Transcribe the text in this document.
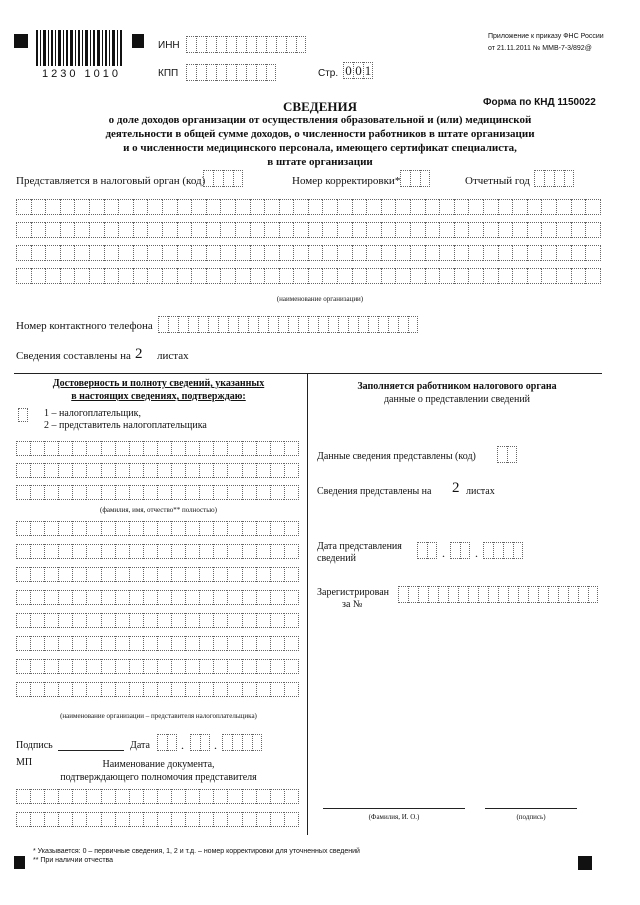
1230 1010
ИНН
КПП	Стр. 0 0 1
Приложение к приказу ФНС России
от 21.11.2011 № ММВ-7-3/892@
Форма по КНД 1150022
СВЕДЕНИЯ
о доле доходов организации от осуществления образовательной и (или) медицинской
деятельности в общей сумме доходов, о численности работников в штате организации
и о численности медицинского персонала, имеющего сертификат специалиста,
в штате организации
Представляется в налоговый орган (код)	Номер корректировки*	Отчетный год
(наименование организации)
Номер контактного телефона
Сведения составлены на 2 листах
Достоверность и полноту сведений, указанных
в настоящих сведениях, подтверждаю:
1 – налогоплательщик,
2 – представитель налогоплательщика
(фамилия, имя, отчество** полностью)
(наименование организации – представителя налогоплательщика)
Подпись	Дата	.	.
МП	Наименование документа,
подтверждающего полномочия представителя
Заполняется работником налогового органа
данные о представлении сведений
Данные сведения представлены (код)
Сведения представлены на 2 листах
Дата представления
сведений	.	.
Зарегистрирован
за №
(Фамилия, И. О.)	(подпись)
* Указывается: 0 – первичные сведения, 1, 2 и т.д. – номер корректировки для уточненных сведений
** При наличии отчества
